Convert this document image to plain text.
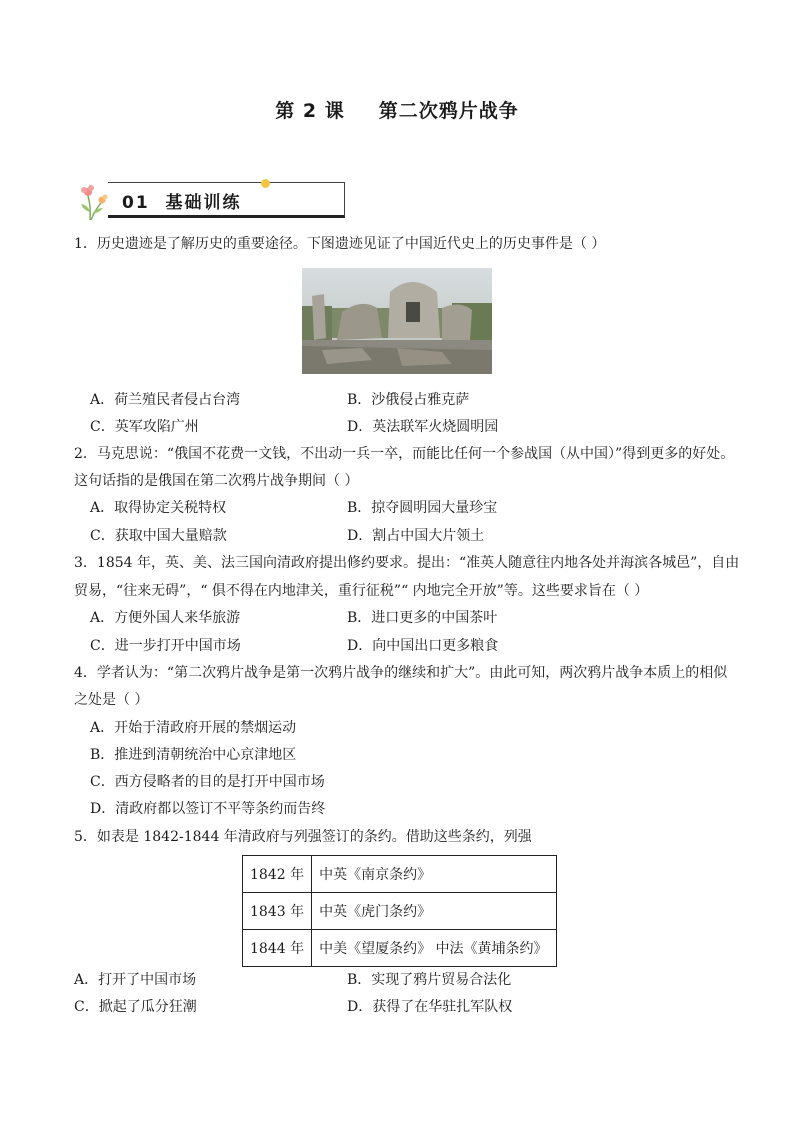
第 2 课 第二次鸦片战争
01 基础训练
1．历史遗迹是了解历史的重要途径。下图遗迹见证了中国近代史上的历史事件是（ ）
A．荷兰殖民者侵占台湾	B．沙俄侵占雅克萨
C．英军攻陷广州	D．英法联军火烧圆明园
2．马克思说：“俄国不花费一文钱，不出动一兵一卒，而能比任何一个参战国（从中国）”得到更多的好处。
这句话指的是俄国在第二次鸦片战争期间（ ）
A．取得协定关税特权	B．掠夺圆明园大量珍宝
C．获取中国大量赔款	D．割占中国大片领土
3．1854 年，英、美、法三国向清政府提出修约要求。提出：“准英人随意往内地各处并海滨各城邑”，自由
贸易，“往来无碍”，“ 俱不得在内地津关，重行征税”“ 内地完全开放”等。这些要求旨在（ ）
A．方便外国人来华旅游	B．进口更多的中国茶叶
C．进一步打开中国市场	D．向中国出口更多粮食
4．学者认为：“第二次鸦片战争是第一次鸦片战争的继续和扩大”。由此可知，两次鸦片战争本质上的相似
之处是（ ）
A．开始于清政府开展的禁烟运动
B．推进到清朝统治中心京津地区
C．西方侵略者的目的是打开中国市场
D．清政府都以签订不平等条约而告终
5．如表是 1842-1844 年清政府与列强签订的条约。借助这些条约，列强
1842 年	中英《南京条约》
1843 年	中英《虎门条约》
1844 年	中美《望厦条约》 中法《黄埔条约》
A．打开了中国市场	B．实现了鸦片贸易合法化
C．掀起了瓜分狂潮	D．获得了在华驻扎军队权
